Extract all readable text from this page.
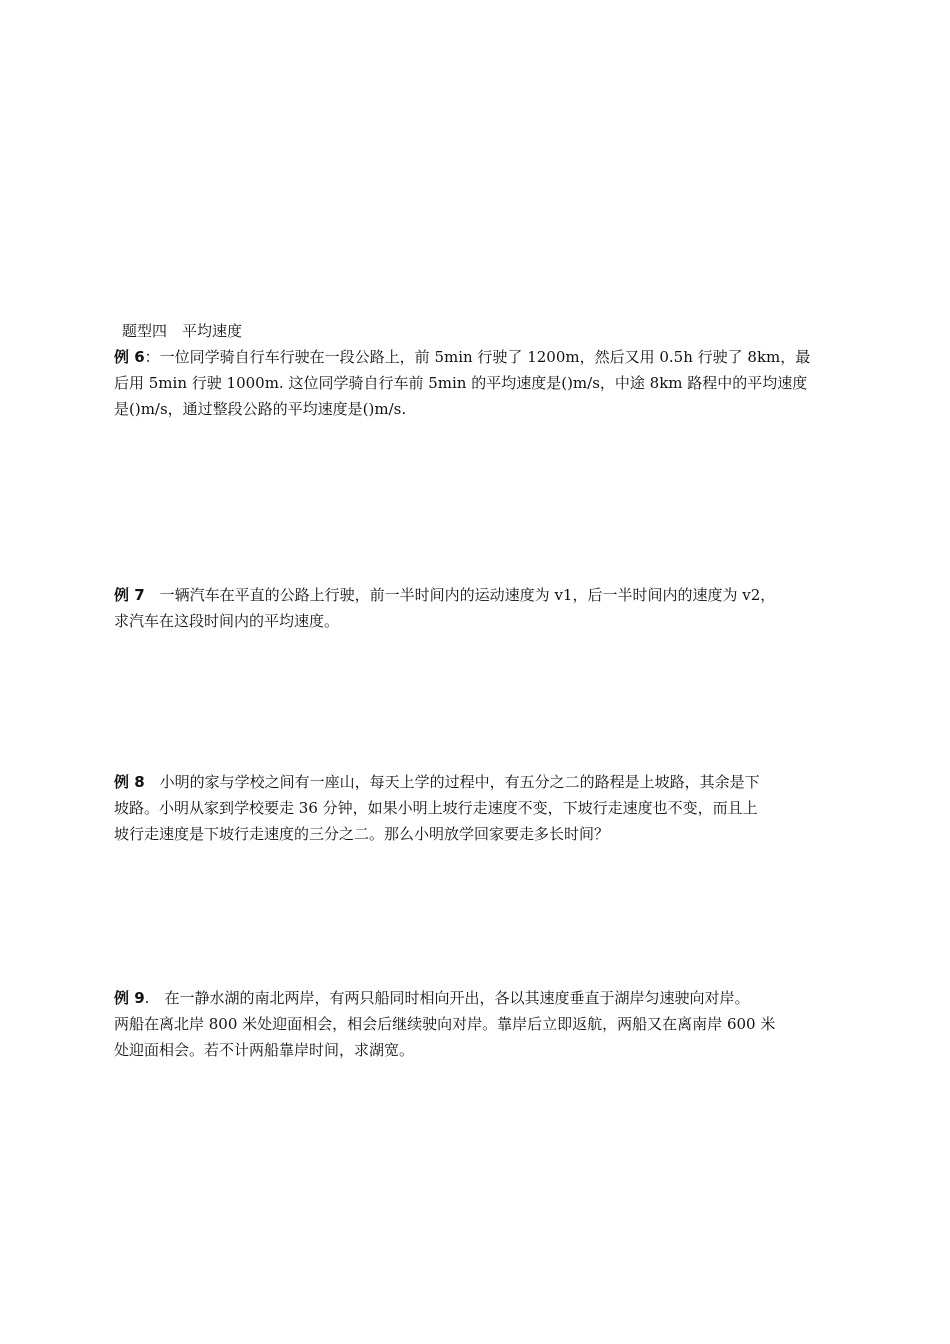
题型四　平均速度
例 6：一位同学骑自行车行驶在一段公路上，前 5min 行驶了 1200m，然后又用 0.5h 行驶了 8km，最
后用 5min 行驶 1000m. 这位同学骑自行车前 5min 的平均速度是()m/s，中途 8km 路程中的平均速度
是()m/s，通过整段公路的平均速度是()m/s.
例 7　一辆汽车在平直的公路上行驶，前一半时间内的运动速度为 v1，后一半时间内的速度为 v2，
求汽车在这段时间内的平均速度。
例 8　小明的家与学校之间有一座山，每天上学的过程中，有五分之二的路程是上坡路，其余是下
坡路。小明从家到学校要走 36 分钟，如果小明上坡行走速度不变，下坡行走速度也不变，而且上
坡行走速度是下坡行走速度的三分之二。那么小明放学回家要走多长时间？
例 9.　在一静水湖的南北两岸，有两只船同时相向开出，各以其速度垂直于湖岸匀速驶向对岸。
两船在离北岸 800 米处迎面相会，相会后继续驶向对岸。靠岸后立即返航，两船又在离南岸 600 米
处迎面相会。若不计两船靠岸时间，求湖宽。
